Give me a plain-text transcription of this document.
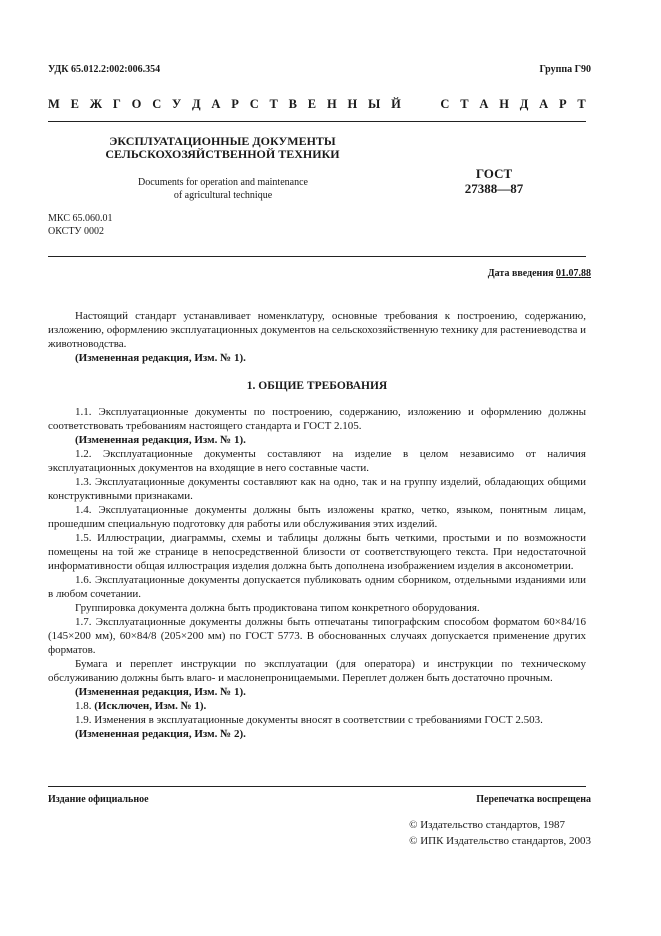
УДК 65.012.2:002:006.354	Группа Г90
М Е Ж Г О С У Д А Р С Т В Е Н Н Ы Й	С Т А Н Д А Р Т
ЭКСПЛУАТАЦИОННЫЕ ДОКУМЕНТЫ
СЕЛЬСКОХОЗЯЙСТВЕННОЙ ТЕХНИКИ
Documents for operation and maintenance
of agricultural technique
ГОСТ
27388—87
МКС 65.060.01
ОКСТУ 0002
Дата введения 01.07.88

Настоящий стандарт устанавливает номенклатуру, основные требования к построению, содержанию, изложению, оформлению эксплуатационных документов на сельскохозяйственную технику для растениеводства и животноводства.

(Измененная редакция, Изм. № 1).

1. ОБЩИЕ ТРЕБОВАНИЯ

1.1. Эксплуатационные документы по построению, содержанию, изложению и оформлению должны соответствовать требованиям настоящего стандарта и ГОСТ 2.105.

(Измененная редакция, Изм. № 1).

1.2. Эксплуатационные документы составляют на изделие в целом независимо от наличия эксплуатационных документов на входящие в него составные части.

1.3. Эксплуатационные документы составляют как на одно, так и на группу изделий, обладающих общими конструктивными признаками.

1.4. Эксплуатационные документы должны быть изложены кратко, четко, языком, понятным лицам, прошедшим специальную подготовку для работы или обслуживания этих изделий.

1.5. Иллюстрации, диаграммы, схемы и таблицы должны быть четкими, простыми и по возможности помещены на той же странице в непосредственной близости от соответствующего текста. При недостаточной информативности общая иллюстрация изделия должна быть дополнена изображением изделия в аксонометрии.

1.6. Эксплуатационные документы допускается публиковать одним сборником, отдельными изданиями или в любом сочетании.

Группировка документа должна быть продиктована типом конкретного оборудования.

1.7. Эксплуатационные документы должны быть отпечатаны типографским способом форматом 60×84/16 (145×200 мм), 60×84/8 (205×200 мм) по ГОСТ 5773. В обоснованных случаях допускается применение других форматов.

Бумага и переплет инструкции по эксплуатации (для оператора) и инструкции по техническому обслуживанию должны быть влаго- и маслонепроницаемыми. Переплет должен быть достаточно прочным.

(Измененная редакция, Изм. № 1).

1.8. (Исключен, Изм. № 1).

1.9. Изменения в эксплуатационные документы вносят в соответствии с требованиями ГОСТ 2.503.

(Измененная редакция, Изм. № 2).

Издание официальное	Перепечатка воспрещена
© Издательство стандартов, 1987
© ИПК Издательство стандартов, 2003
